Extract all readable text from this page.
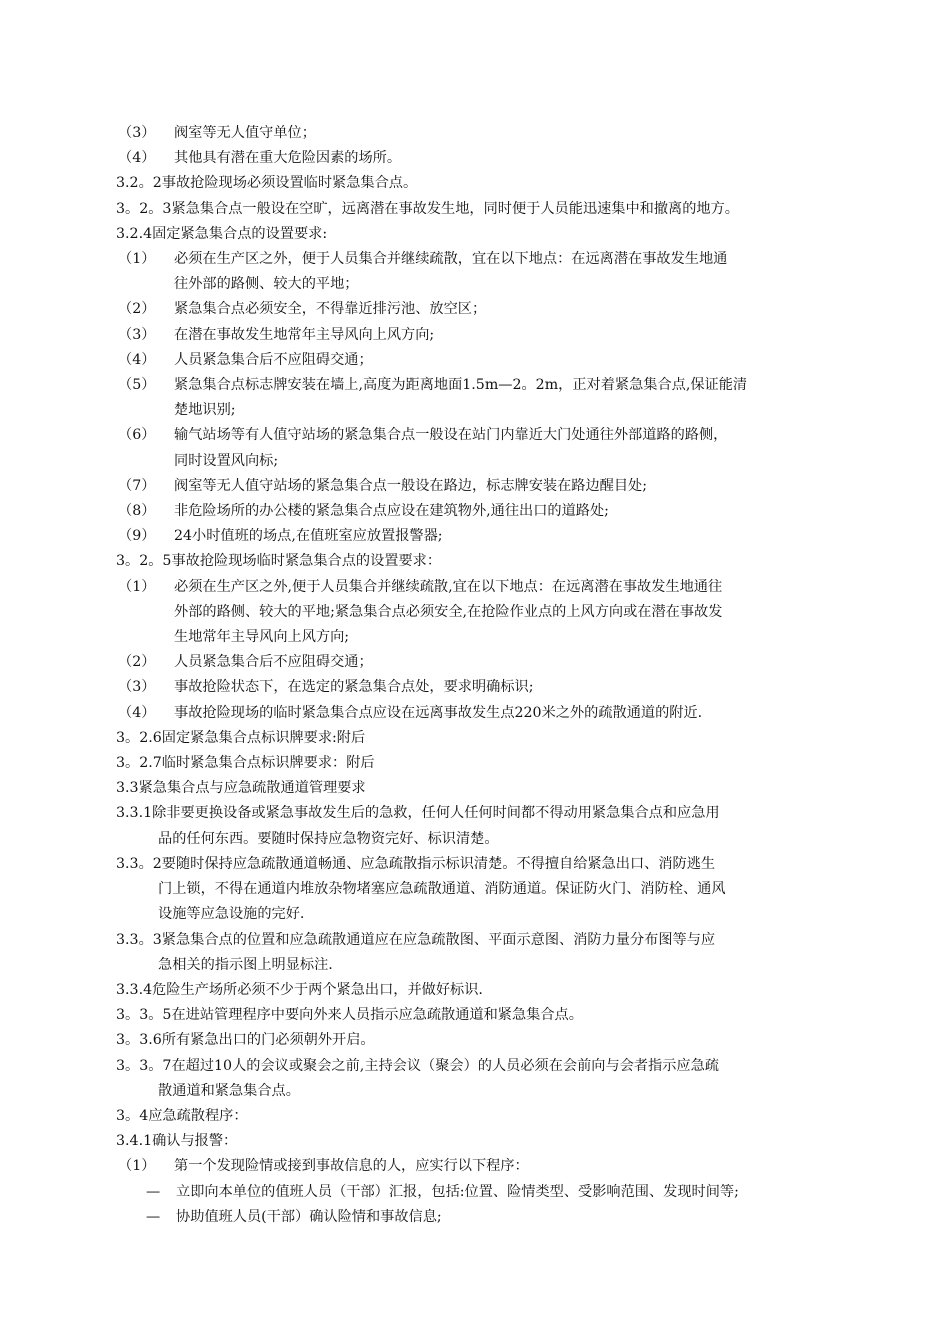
（3）	阀室等无人值守单位；
（4）	其他具有潜在重大危险因素的场所。
3.2。2事故抢险现场必须设置临时紧急集合点。
3。2。3紧急集合点一般设在空旷，远离潜在事故发生地，同时便于人员能迅速集中和撤离的地方。
3.2.4固定紧急集合点的设置要求:
（1）	必须在生产区之外，便于人员集合并继续疏散，宜在以下地点：在远离潜在事故发生地通
往外部的路侧、较大的平地；
（2）	紧急集合点必须安全，不得靠近排污池、放空区；
（3）	在潜在事故发生地常年主导风向上风方向;
（4）	人员紧急集合后不应阻碍交通；
（5）	紧急集合点标志牌安装在墙上,高度为距离地面1.5m—2。2m，正对着紧急集合点,保证能清
楚地识别;
（6）	输气站场等有人值守站场的紧急集合点一般设在站门内靠近大门处通往外部道路的路侧，
同时设置风向标;
（7）	阀室等无人值守站场的紧急集合点一般设在路边，标志牌安装在路边醒目处;
（8）	非危险场所的办公楼的紧急集合点应设在建筑物外,通往出口的道路处;
（9）	24小时值班的场点,在值班室应放置报警器;
3。2。5事故抢险现场临时紧急集合点的设置要求：
（1）	必须在生产区之外,便于人员集合并继续疏散,宜在以下地点：在远离潜在事故发生地通往
外部的路侧、较大的平地;紧急集合点必须安全,在抢险作业点的上风方向或在潜在事故发
生地常年主导风向上风方向;
（2）	人员紧急集合后不应阻碍交通；
（3）	事故抢险状态下，在选定的紧急集合点处，要求明确标识;
（4）	事故抢险现场的临时紧急集合点应设在远离事故发生点220米之外的疏散通道的附近.
3。2.6固定紧急集合点标识牌要求:附后
3。2.7临时紧急集合点标识牌要求：附后
3.3紧急集合点与应急疏散通道管理要求
3.3.1除非要更换设备或紧急事故发生后的急救，任何人任何时间都不得动用紧急集合点和应急用
品的任何东西。要随时保持应急物资完好、标识清楚。
3.3。2要随时保持应急疏散通道畅通、应急疏散指示标识清楚。不得擅自给紧急出口、消防逃生
门上锁，不得在通道内堆放杂物堵塞应急疏散通道、消防通道。保证防火门、消防栓、通风
设施等应急设施的完好.
3.3。3紧急集合点的位置和应急疏散通道应在应急疏散图、平面示意图、消防力量分布图等与应
急相关的指示图上明显标注.
3.3.4危险生产场所必须不少于两个紧急出口，并做好标识.
3。3。5在进站管理程序中要向外来人员指示应急疏散通道和紧急集合点。
3。3.6所有紧急出口的门必须朝外开启。
3。3。7在超过10人的会议或聚会之前,主持会议（聚会）的人员必须在会前向与会者指示应急疏
散通道和紧急集合点。
3。4应急疏散程序：
3.4.1确认与报警：
（1）	第一个发现险情或接到事故信息的人，应实行以下程序：
—	立即向本单位的值班人员（干部）汇报，包括:位置、险情类型、受影响范围、发现时间等;
—	协助值班人员(干部）确认险情和事故信息;
